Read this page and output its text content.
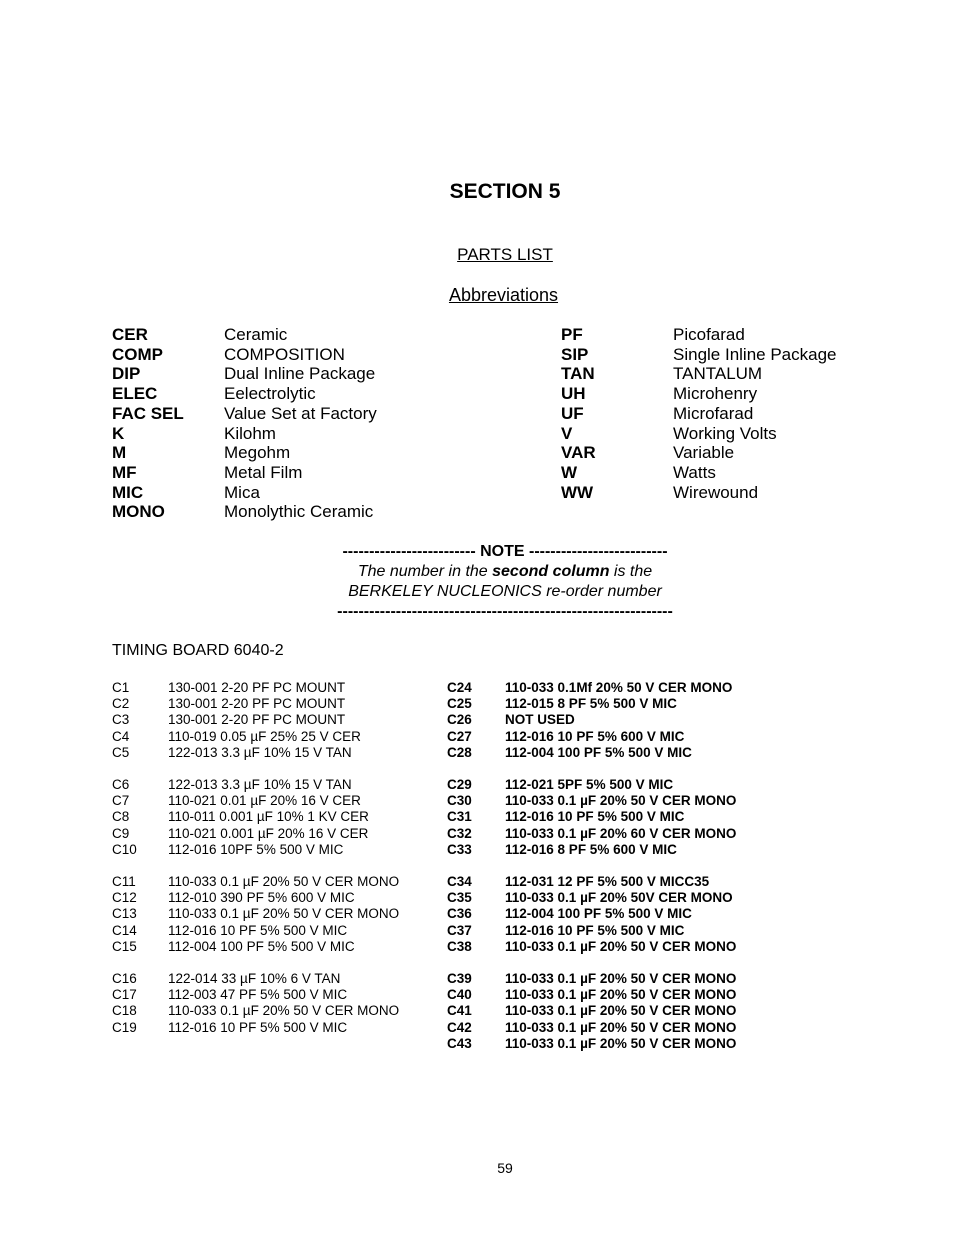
SECTION 5
PARTS LIST
Abbreviations
CER	Ceramic
COMP	COMPOSITION
DIP	Dual Inline Package
ELEC	Eelectrolytic
FAC SEL Value Set at Factory
K	Kilohm
M	Megohm
MF	Metal Film
MIC	Mica
MONO	Monolythic Ceramic
PF	Picofarad
SIP	Single Inline Package
TAN	TANTALUM
UH	Microhenry
UF	Microfarad
V	Working Volts
VAR	Variable
W	Watts
WW	Wirewound
------------------------- NOTE --------------------------
The number in the second column is the
BERKELEY NUCLEONICS re-order number
---------------------------------------------------------------
TIMING BOARD 6040-2
C1	130-001 2-20 PF PC MOUNT
C2	130-001 2-20 PF PC MOUNT
C3	130-001 2-20 PF PC MOUNT
C4	110-019 0.05 µF 25% 25 V CER
C5	122-013 3.3 µF 10% 15 V TAN
C6	122-013 3.3 µF 10% 15 V TAN
C7	110-021 0.01 µF 20% 16 V CER
C8	110-011 0.001 µF 10% 1 KV CER
C9	110-021 0.001 µF 20% 16 V CER
C10 112-016 10PF 5% 500 V MIC
C11 110-033 0.1 µF 20% 50 V CER MONO
C12 112-010 390 PF 5% 600 V MIC
C13 110-033 0.1 µF 20% 50 V CER MONO
C14 112-016 10 PF 5% 500 V MIC
C15 112-004 100 PF 5% 500 V MIC
C16 122-014 33 µF 10% 6 V TAN
C17 112-003 47 PF 5% 500 V MIC
C18 110-033 0.1 µF 20% 50 V CER MONO
C19 112-016 10 PF 5% 500 V MIC
C24 110-033 0.1Mf 20% 50 V CER MONO
C25 112-015 8 PF 5% 500 V MIC
C26 NOT USED
C27 112-016 10 PF 5% 600 V MIC
C28 112-004 100 PF 5% 500 V MIC
C29 112-021 5PF 5% 500 V MIC
C30 110-033 0.1 µF 20% 50 V CER MONO
C31 112-016 10 PF 5% 500 V MIC
C32 110-033 0.1 µF 20% 60 V CER MONO
C33 112-016 8 PF 5% 600 V MIC
C34 112-031 12 PF 5% 500 V MICC35
C35 110-033 0.1 µF 20% 50V CER MONO
C36 112-004 100 PF 5% 500 V MIC
C37 112-016 10 PF 5% 500 V MIC
C38 110-033 0.1 µF 20% 50 V CER MONO
C39 110-033 0.1 µF 20% 50 V CER MONO
C40 110-033 0.1 µF 20% 50 V CER MONO
C41 110-033 0.1 µF 20% 50 V CER MONO
C42 110-033 0.1 µF 20% 50 V CER MONO
C43 110-033 0.1 µF 20% 50 V CER MONO
59
